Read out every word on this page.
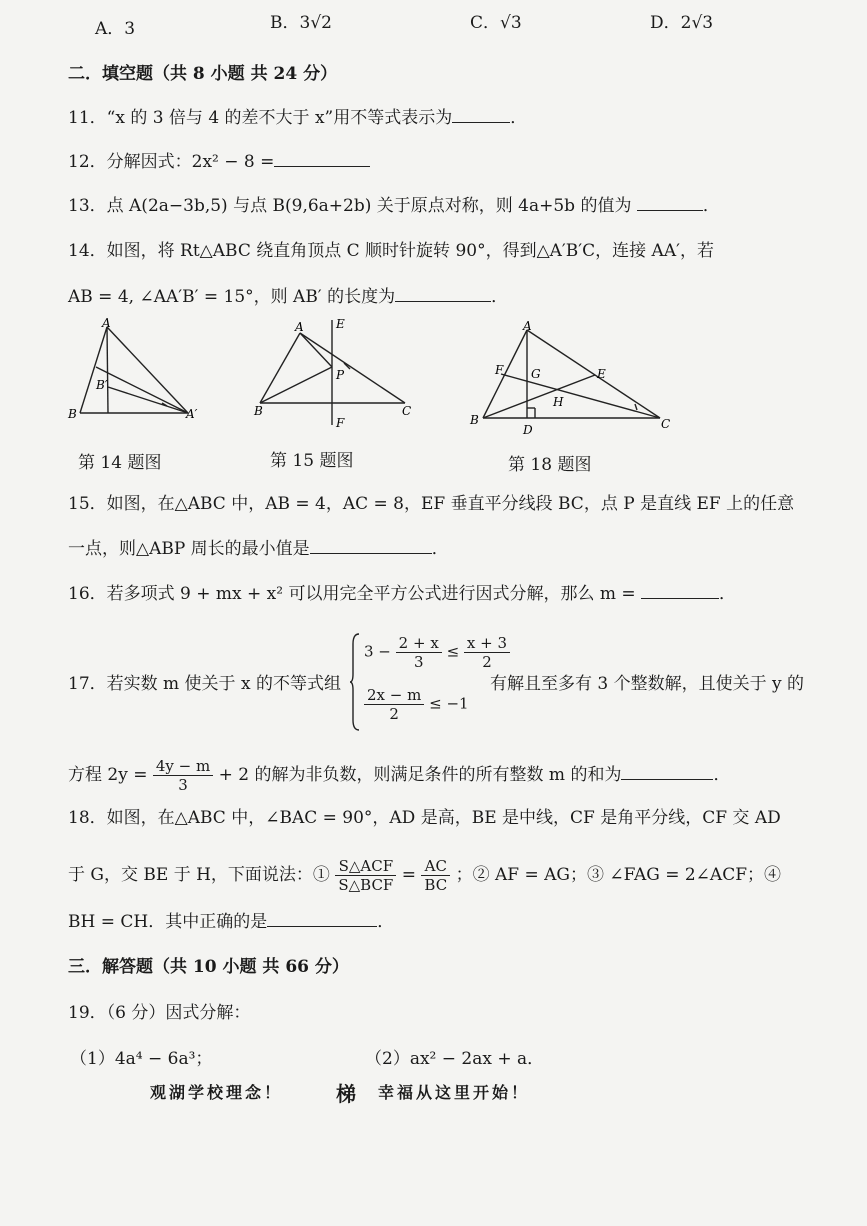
A．3	B．3√2	C．√3	D．2√3
二．填空题（共 8 小题 共 24 分）
11．“x 的 3 倍与 4 的差不大于 x”用不等式表示为	．
12．分解因式：2x² − 8 =
13．点 A(2a−3b,5) 与点 B(9,6a+2b) 关于原点对称，则 4a+5b 的值为	．
14．如图，将 Rt△ABC 绕直角顶点 C 顺时针旋转 90°，得到△A′B′C，连接 AA′，若
AB = 4, ∠AA′B′ = 15°，则 AB′ 的长度为	．
A
B
B′
A′
第 14 题图
A
B	C
E
F
P
第 15 题图
A
B	C
D
E
F G
H
第 18 题图
15．如图，在△ABC 中，AB = 4，AC = 8，EF 垂直平分线段 BC，点 P 是直线 EF 上的任意
一点，则△ABP 周长的最小值是	．
16．若多项式 9 + mx + x² 可以用完全平方公式进行因式分解，那么 m =	．
17．若实数 m 使关于 x 的不等式组
$3 - \frac{2 + x}{3} \le \frac{x + 3}{2}$
$\frac{2x - m}{2} \le -1$
有解且至多有 3 个整数解，且使关于 y 的
方程 $2y = \frac{4y - m}{3} + 2$ 的解为非负数，则满足条件的所有整数 m 的和为	．
18．如图，在△ABC 中，∠BAC = 90°，AD 是高，BE 是中线，CF 是角平分线，CF 交 AD
于 G，交 BE 于 H，下面说法：① $\frac{\text{S△ACF}}{\text{S△BCF}} = \frac{AC}{BC}$ ；② AF = AG；③ ∠FAG = 2∠ACF；④
BH = CH．其中正确的是	．
三．解答题（共 10 小题 共 66 分）
19．（6 分）因式分解：
（1）4a⁴ − 6a³；	（2）ax² − 2ax + a．
观湖学校理念！	梯 幸福从这里开始！
